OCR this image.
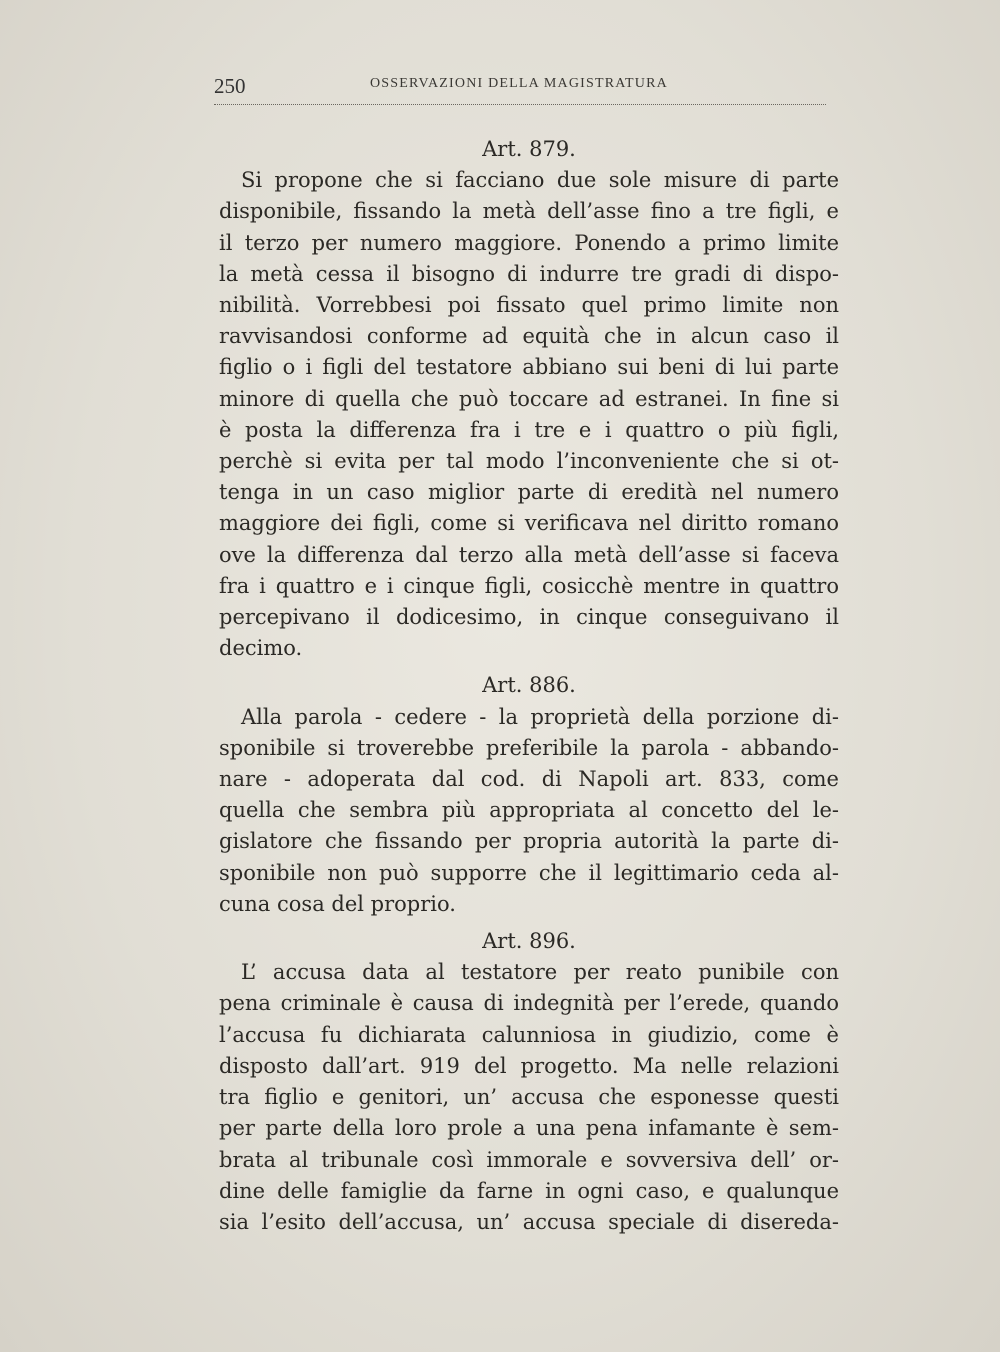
250	OSSERVAZIONI DELLA MAGISTRATURA
Art. 879.

Si propone che si facciano due sole misure di parte

disponibile, fissando la metà dell’asse fino a tre figli, e

il terzo per numero maggiore. Ponendo a primo limite

la metà cessa il bisogno di indurre tre gradi di dispo-

nibilità. Vorrebbesi poi fissato quel primo limite non

ravvisandosi conforme ad equità che in alcun caso il

figlio o i figli del testatore abbiano sui beni di lui parte

minore di quella che può toccare ad estranei. In fine si

è posta la differenza fra i tre e i quattro o più figli,

perchè si evita per tal modo l’inconveniente che si ot-

tenga in un caso miglior parte di eredità nel numero

maggiore dei figli, come si verificava nel diritto romano

ove la differenza dal terzo alla metà dell’asse si faceva

fra i quattro e i cinque figli, cosicchè mentre in quattro

percepivano il dodicesimo, in cinque conseguivano il

decimo.

Art. 886.

Alla parola - cedere - la proprietà della porzione di-

sponibile si troverebbe preferibile la parola - abbando-

nare - adoperata dal cod. di Napoli art. 833, come

quella che sembra più appropriata al concetto del le-

gislatore che fissando per propria autorità la parte di-

sponibile non può supporre che il legittimario ceda al-

cuna cosa del proprio.

Art. 896.

L’ accusa data al testatore per reato punibile con

pena criminale è causa di indegnità per l’erede, quando

l’accusa fu dichiarata calunniosa in giudizio, come è

disposto dall’art. 919 del progetto. Ma nelle relazioni

tra figlio e genitori, un’ accusa che esponesse questi

per parte della loro prole a una pena infamante è sem-

brata al tribunale così immorale e sovversiva dell’ or-

dine delle famiglie da farne in ogni caso, e qualunque

sia l’esito dell’accusa, un’ accusa speciale di disereda-
